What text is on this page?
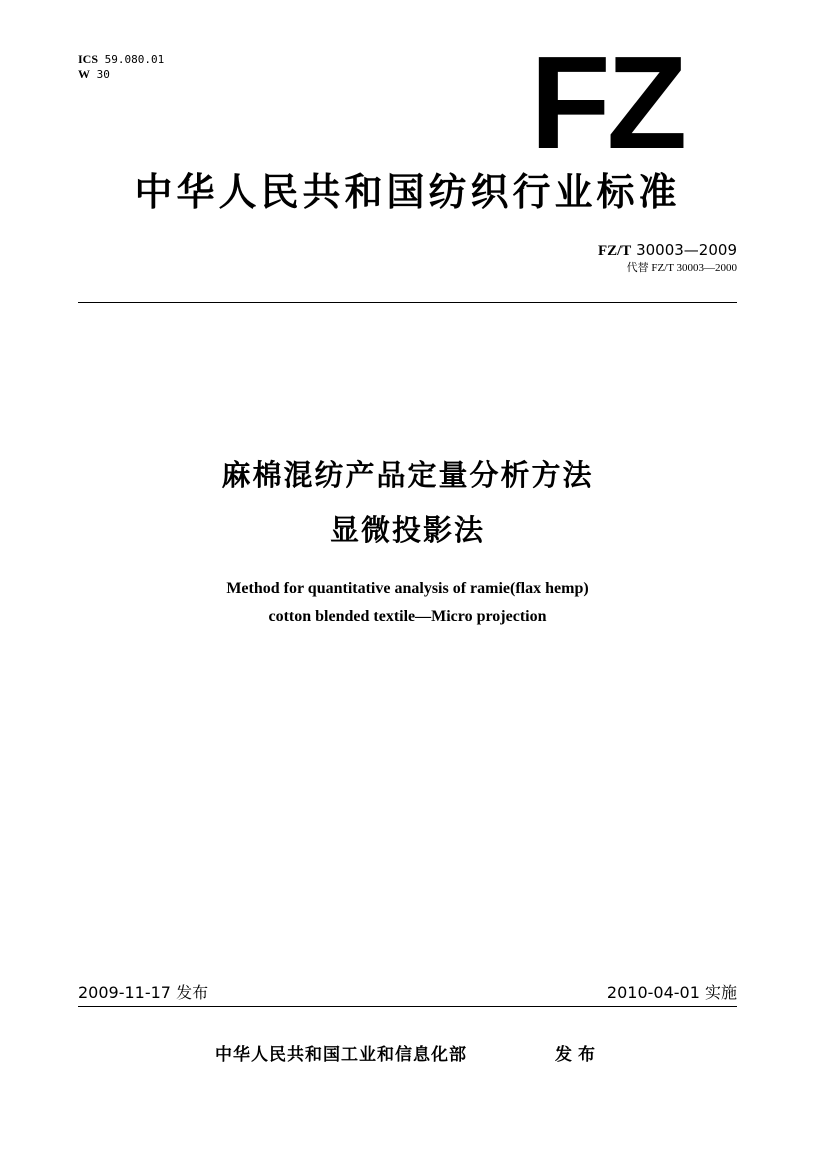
ICS 59.080.01
W 30	FZ
中华人民共和国纺织行业标准
FZ/T 30003—2009
代替 FZ/T 30003—2000
麻棉混纺产品定量分析方法
显微投影法
Method for quantitative analysis of ramie(flax hemp)
cotton blended textile—Micro projection
2009-11-17 发布	2010-04-01 实施
中华人民共和国工业和信息化部	发布
